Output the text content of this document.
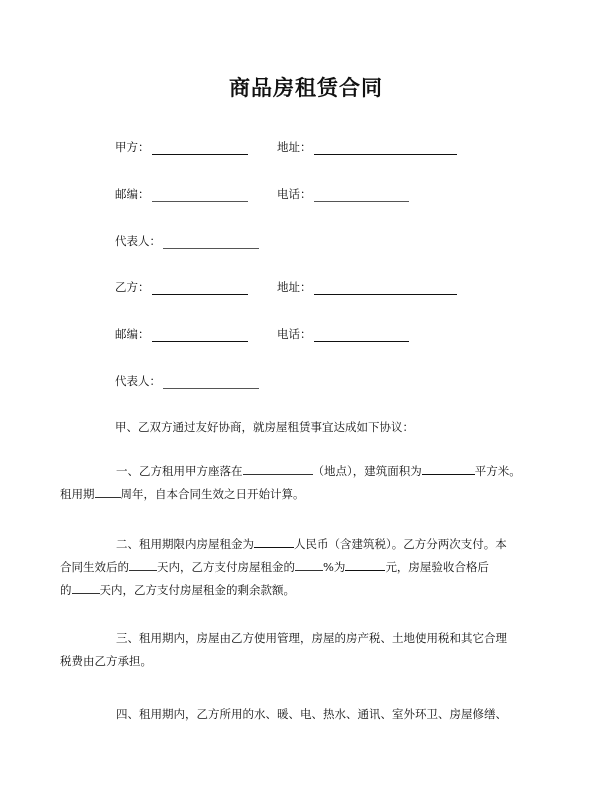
商品房租赁合同
甲方：	地址：
邮编：	电话：
代表人：
乙方：	地址：
邮编：	电话：
代表人：
甲、乙双方通过友好协商，就房屋租赁事宜达成如下协议：
一、乙方租用甲方座落在	（地点），建筑面积为	平方米。
租用期 周年，自本合同生效之日开始计算。
二、租用期限内房屋租金为	人民币（含建筑税）。乙方分两次支付。本
合同生效后的 天内，乙方支付房屋租金的 %为	元，房屋验收合格后
的 天内，乙方支付房屋租金的剩余款额。
三、租用期内，房屋由乙方使用管理，房屋的房产税、土地使用税和其它合理
税费由乙方承担。
四、租用期内，乙方所用的水、暖、电、热水、通讯、室外环卫、房屋修缮、
